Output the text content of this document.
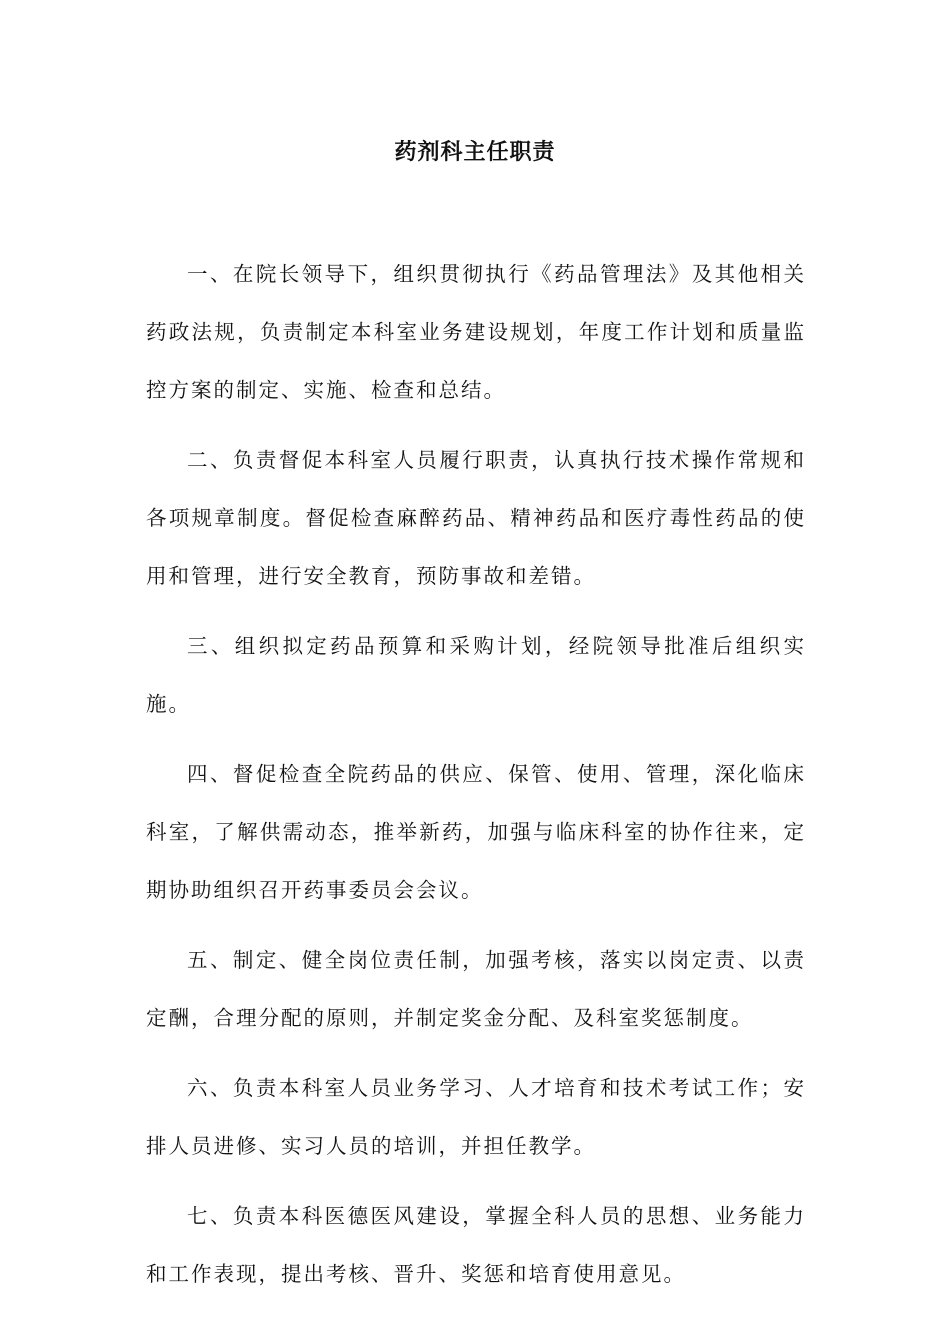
药剂科主任职责

一、在院长领导下，组织贯彻执行《药品管理法》及其他相关药政法规，负责制定本科室业务建设规划，年度工作计划和质量监控方案的制定、实施、检查和总结。

二、负责督促本科室人员履行职责，认真执行技术操作常规和各项规章制度。督促检查麻醉药品、精神药品和医疗毒性药品的使用和管理，进行安全教育，预防事故和差错。

三、组织拟定药品预算和采购计划，经院领导批准后组织实施。

四、督促检查全院药品的供应、保管、使用、管理，深化临床科室，了解供需动态，推举新药，加强与临床科室的协作往来，定期协助组织召开药事委员会会议。

五、制定、健全岗位责任制，加强考核，落实以岗定责、以责定酬，合理分配的原则，并制定奖金分配、及科室奖惩制度。

六、负责本科室人员业务学习、人才培育和技术考试工作；安排人员进修、实习人员的培训，并担任教学。

七、负责本科医德医风建设，掌握全科人员的思想、业务能力和工作表现，提出考核、晋升、奖惩和培育使用意见。
